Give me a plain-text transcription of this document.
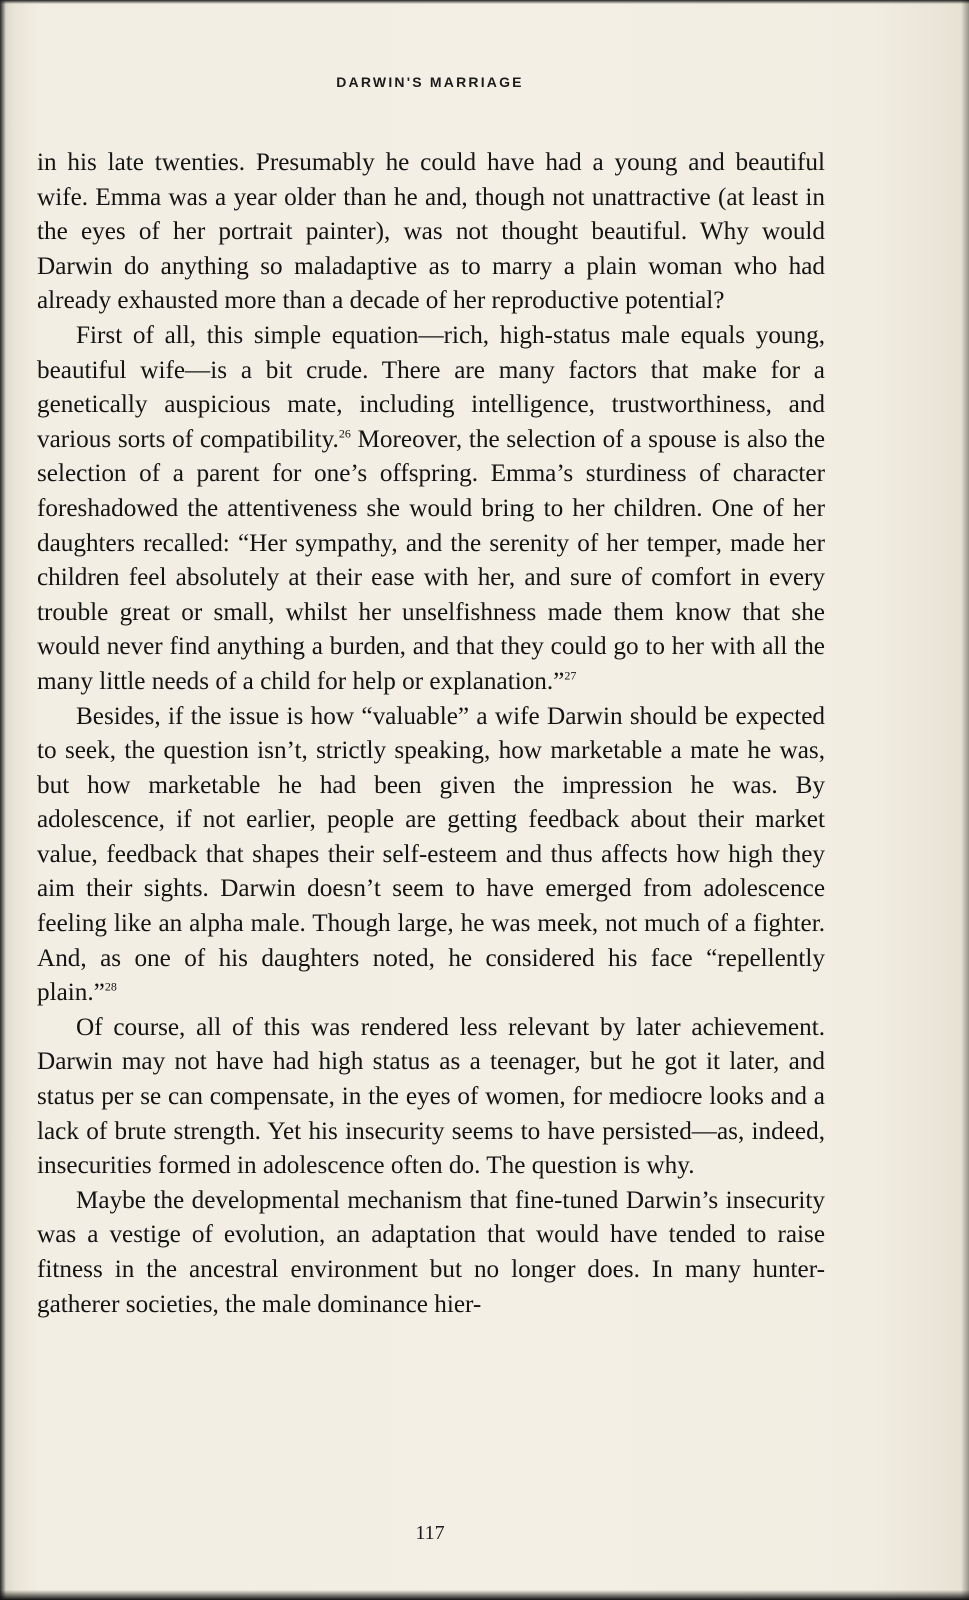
DARWIN'S MARRIAGE

in his late twenties. Presumably he could have had a young and beautiful wife. Emma was a year older than he and, though not unattractive (at least in the eyes of her portrait painter), was not thought beautiful. Why would Darwin do anything so maladaptive as to marry a plain woman who had already exhausted more than a decade of her reproductive potential?

First of all, this simple equation—rich, high-status male equals young, beautiful wife—is a bit crude. There are many factors that make for a genetically auspicious mate, including intelligence, trustworthiness, and various sorts of compatibility.$^{26}$ Moreover, the selection of a spouse is also the selection of a parent for one’s offspring. Emma’s sturdiness of character foreshadowed the attentiveness she would bring to her children. One of her daughters recalled: “Her sympathy, and the serenity of her temper, made her children feel absolutely at their ease with her, and sure of comfort in every trouble great or small, whilst her unselfishness made them know that she would never find anything a burden, and that they could go to her with all the many little needs of a child for help or explanation.”$^{27}$

Besides, if the issue is how “valuable” a wife Darwin should be expected to seek, the question isn’t, strictly speaking, how marketable a mate he was, but how marketable he had been given the impression he was. By adolescence, if not earlier, people are getting feedback about their market value, feedback that shapes their self-esteem and thus affects how high they aim their sights. Darwin doesn’t seem to have emerged from adolescence feeling like an alpha male. Though large, he was meek, not much of a fighter. And, as one of his daughters noted, he considered his face “repellently plain.”$^{28}$

Of course, all of this was rendered less relevant by later achievement. Darwin may not have had high status as a teenager, but he got it later, and status per se can compensate, in the eyes of women, for mediocre looks and a lack of brute strength. Yet his insecurity seems to have persisted—as, indeed, insecurities formed in adolescence often do. The question is why.

Maybe the developmental mechanism that fine-tuned Darwin’s insecurity was a vestige of evolution, an adaptation that would have tended to raise fitness in the ancestral environment but no longer does. In many hunter-gatherer societies, the male dominance hier-

117
